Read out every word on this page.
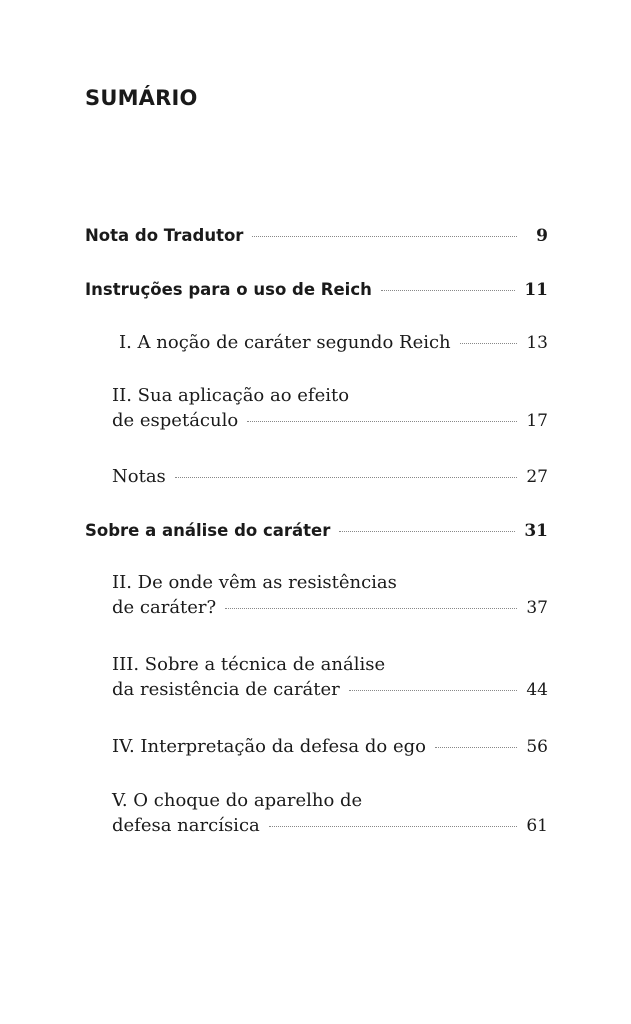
SUMÁRIO
Nota do Tradutor	9
Instruções para o uso de Reich	11
I. A noção de caráter segundo Reich	13
II. Sua aplicação ao efeito
de espetáculo	17
Notas	27
Sobre a análise do caráter	31
II. De onde vêm as resistências
de caráter?	37
III. Sobre a técnica de análise
da resistência de caráter	44
IV. Interpretação da defesa do ego	56
V. O choque do aparelho de
defesa narcísica	61
